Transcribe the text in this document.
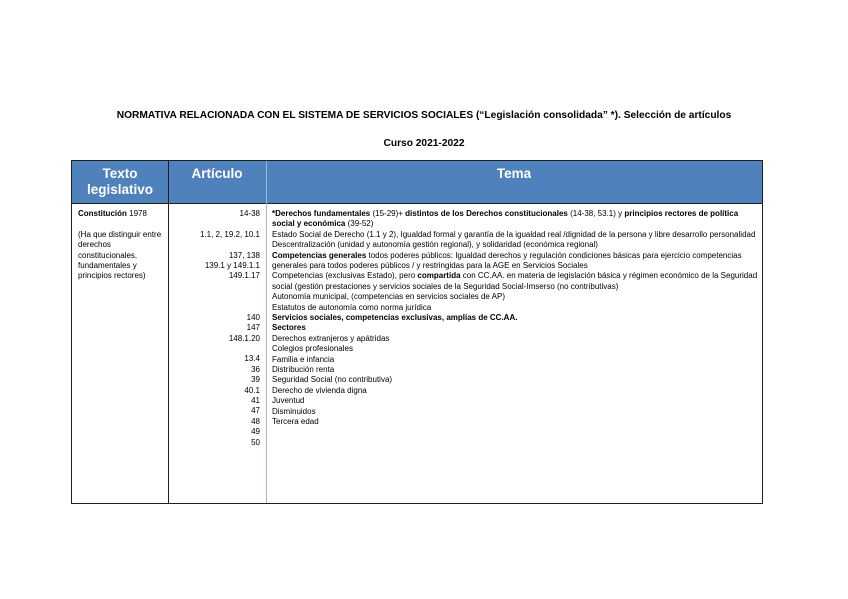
NORMATIVA RELACIONADA CON EL SISTEMA DE SERVICIOS SOCIALES (“Legislación consolidada” *). Selección de artículos
Curso 2021-2022
Texto legislativo
Artículo	Tema
Constitución 1978
(Ha que distinguir entre derechos constitucionales, fundamentales y principios rectores)
14-38
1.1, 2, 19.2, 10.1
137, 138
139.1 y 149.1.1
149.1.17
140
147
148.1.20
13.4
36
39
40.1
41
47
48
49
50
*Derechos fundamentales (15-29)+ distintos de los Derechos constitucionales (14-38, 53.1) y principios rectores de política social y económica (39-52)
Estado Social de Derecho (1.1 y 2), Igualdad formal y garantía de la igualdad real /dignidad de la persona y libre desarrollo personalidad
Descentralización (unidad y autonomía gestión regional), y solidaridad (económica regional)
Competencias generales todos poderes públicos: Igualdad derechos y regulación condiciones básicas para ejercicio competencias generales para todos poderes públicos / y restringidas para la AGE en Servicios Sociales
Competencias (exclusivas Estado), pero compartida con CC.AA. en materia de legislación básica y régimen económico de la Seguridad social (gestión prestaciones y servicios sociales de la Seguridad Social-Imserso (no contributivas)
Autonomía municipal, (competencias en servicios sociales de AP)
Estatutos de autonomía como norma jurídica
Servicios sociales, competencias exclusivas, amplias de CC.AA.
Sectores
Derechos extranjeros y apátridas
Colegios profesionales
Familia e infancia
Distribución renta
Seguridad Social (no contributiva)
Derecho de vivienda digna
Juventud
Disminuidos
Tercera edad
